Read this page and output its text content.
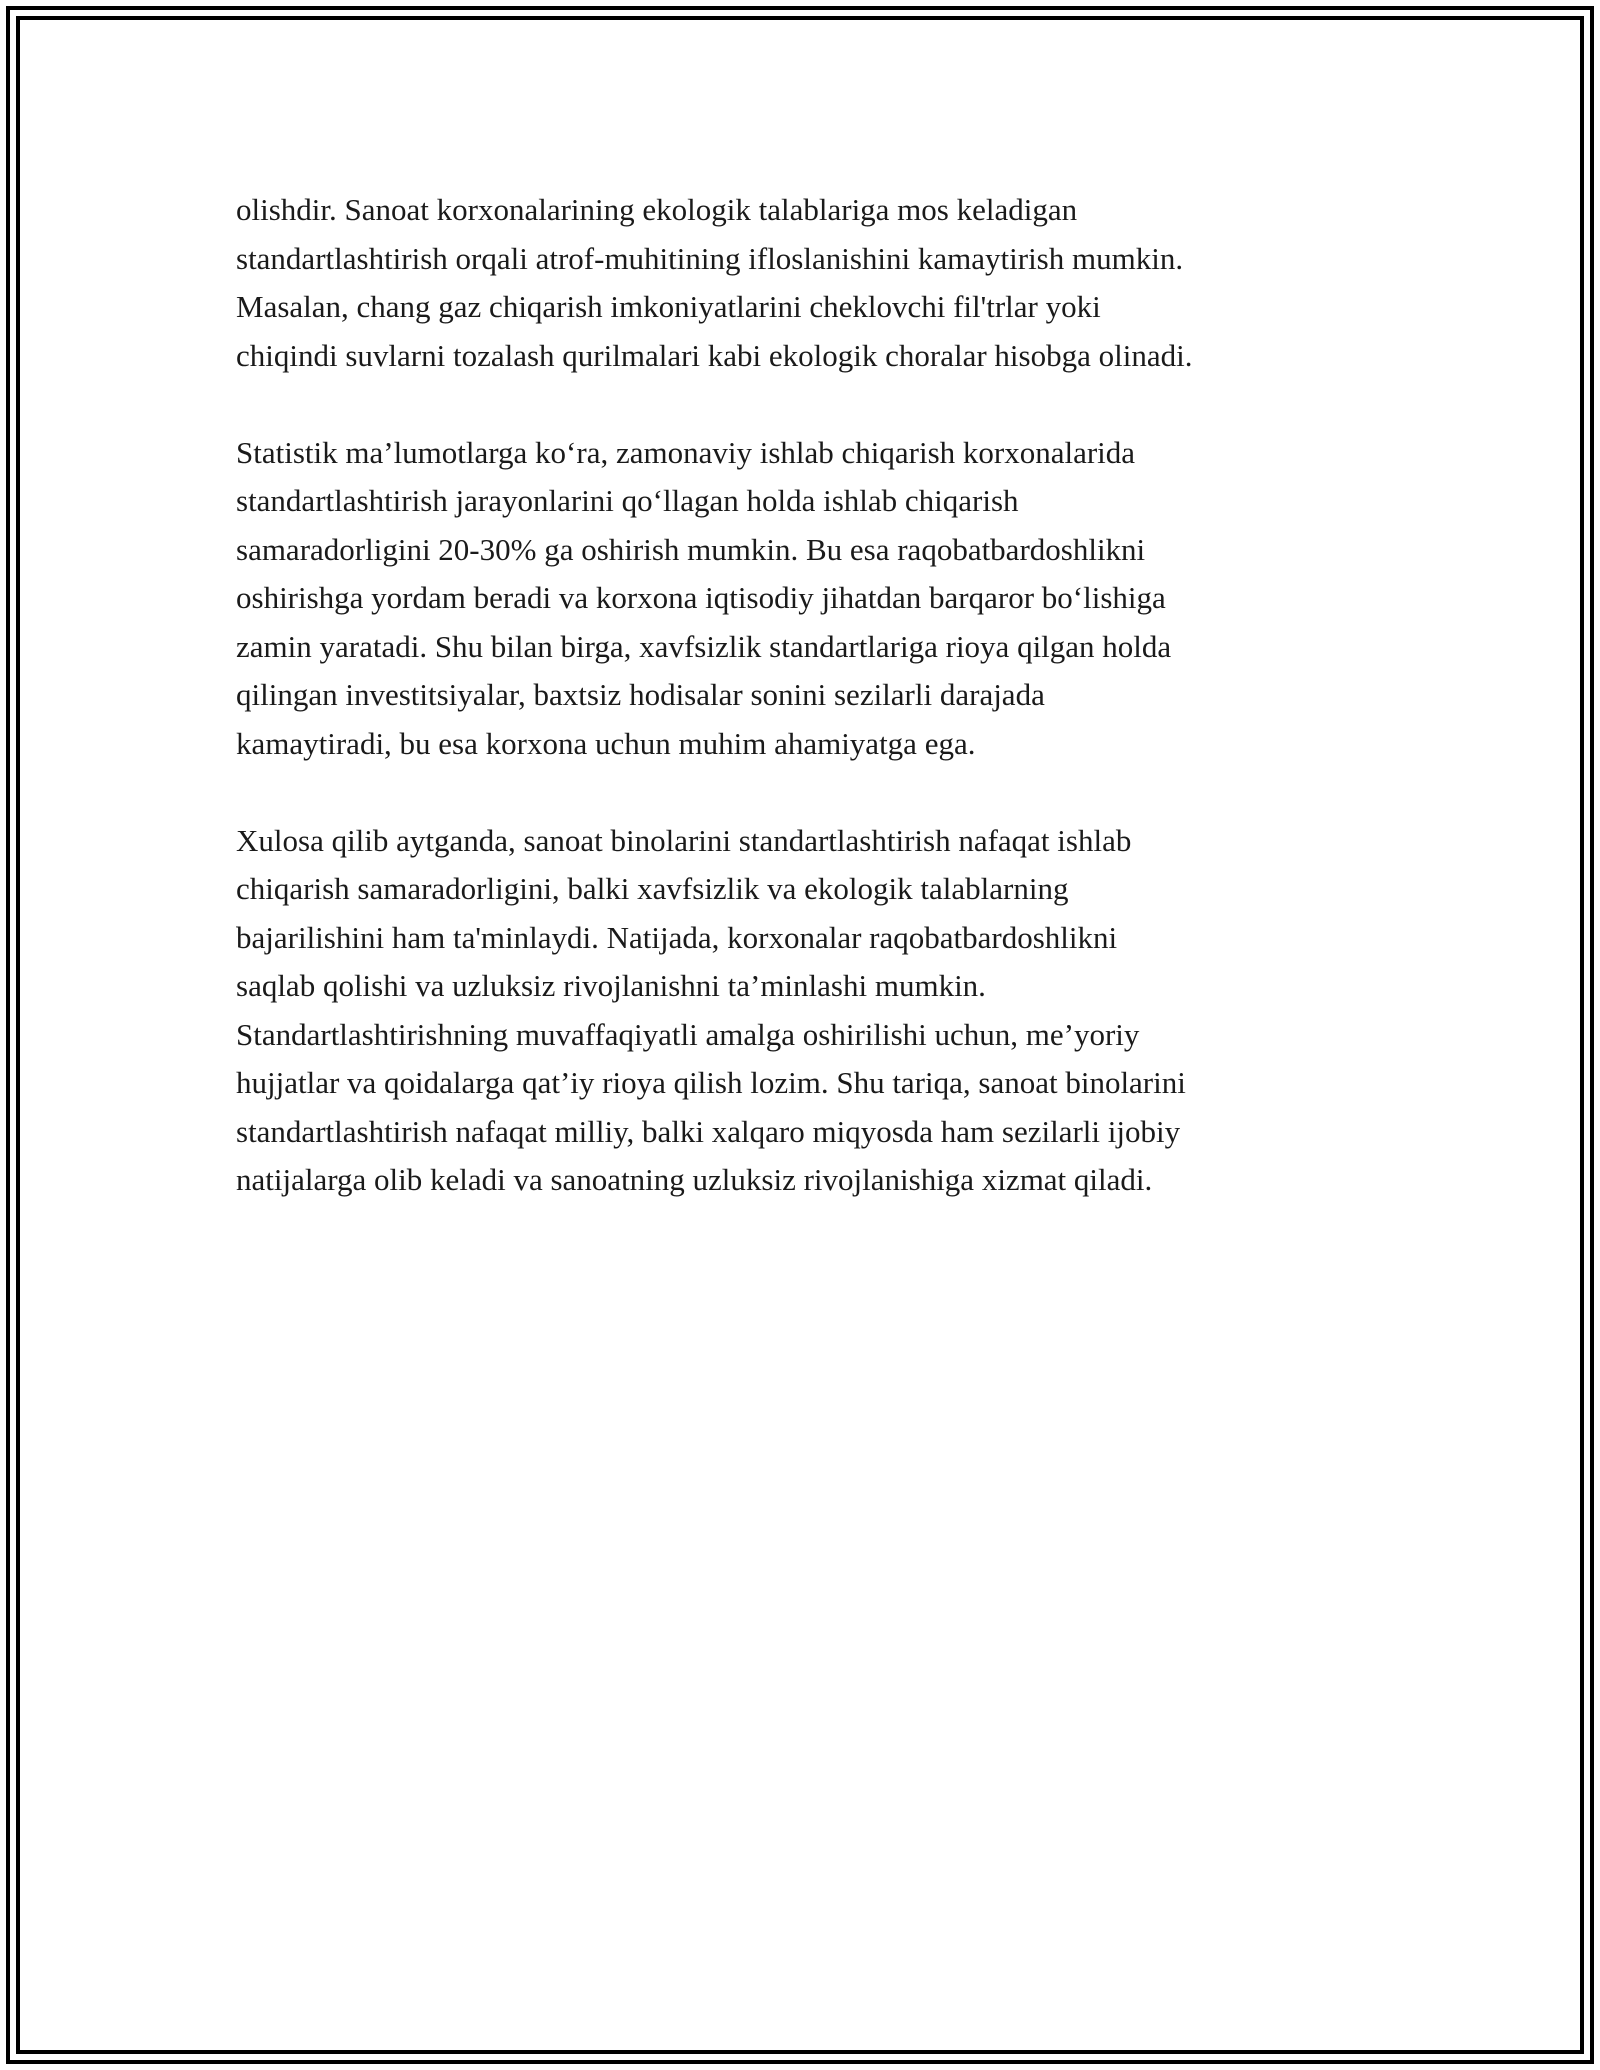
olishdir. Sanoat korxonalarining ekologik talablariga mos keladigan
standartlashtirish orqali atrof-muhitining ifloslanishini kamaytirish mumkin.
Masalan, chang gaz chiqarish imkoniyatlarini cheklovchi fil'trlar yoki
chiqindi suvlarni tozalash qurilmalari kabi ekologik choralar hisobga olinadi.

Statistik ma’lumotlarga ko‘ra, zamonaviy ishlab chiqarish korxonalarida
standartlashtirish jarayonlarini qo‘llagan holda ishlab chiqarish
samaradorligini 20-30% ga oshirish mumkin. Bu esa raqobatbardoshlikni
oshirishga yordam beradi va korxona iqtisodiy jihatdan barqaror bo‘lishiga
zamin yaratadi. Shu bilan birga, xavfsizlik standartlariga rioya qilgan holda
qilingan investitsiyalar, baxtsiz hodisalar sonini sezilarli darajada
kamaytiradi, bu esa korxona uchun muhim ahamiyatga ega.

Xulosa qilib aytganda, sanoat binolarini standartlashtirish nafaqat ishlab
chiqarish samaradorligini, balki xavfsizlik va ekologik talablarning
bajarilishini ham ta'minlaydi. Natijada, korxonalar raqobatbardoshlikni
saqlab qolishi va uzluksiz rivojlanishni ta’minlashi mumkin.
Standartlashtirishning muvaffaqiyatli amalga oshirilishi uchun, me’yoriy
hujjatlar va qoidalarga qat’iy rioya qilish lozim. Shu tariqa, sanoat binolarini
standartlashtirish nafaqat milliy, balki xalqaro miqyosda ham sezilarli ijobiy
natijalarga olib keladi va sanoatning uzluksiz rivojlanishiga xizmat qiladi.
